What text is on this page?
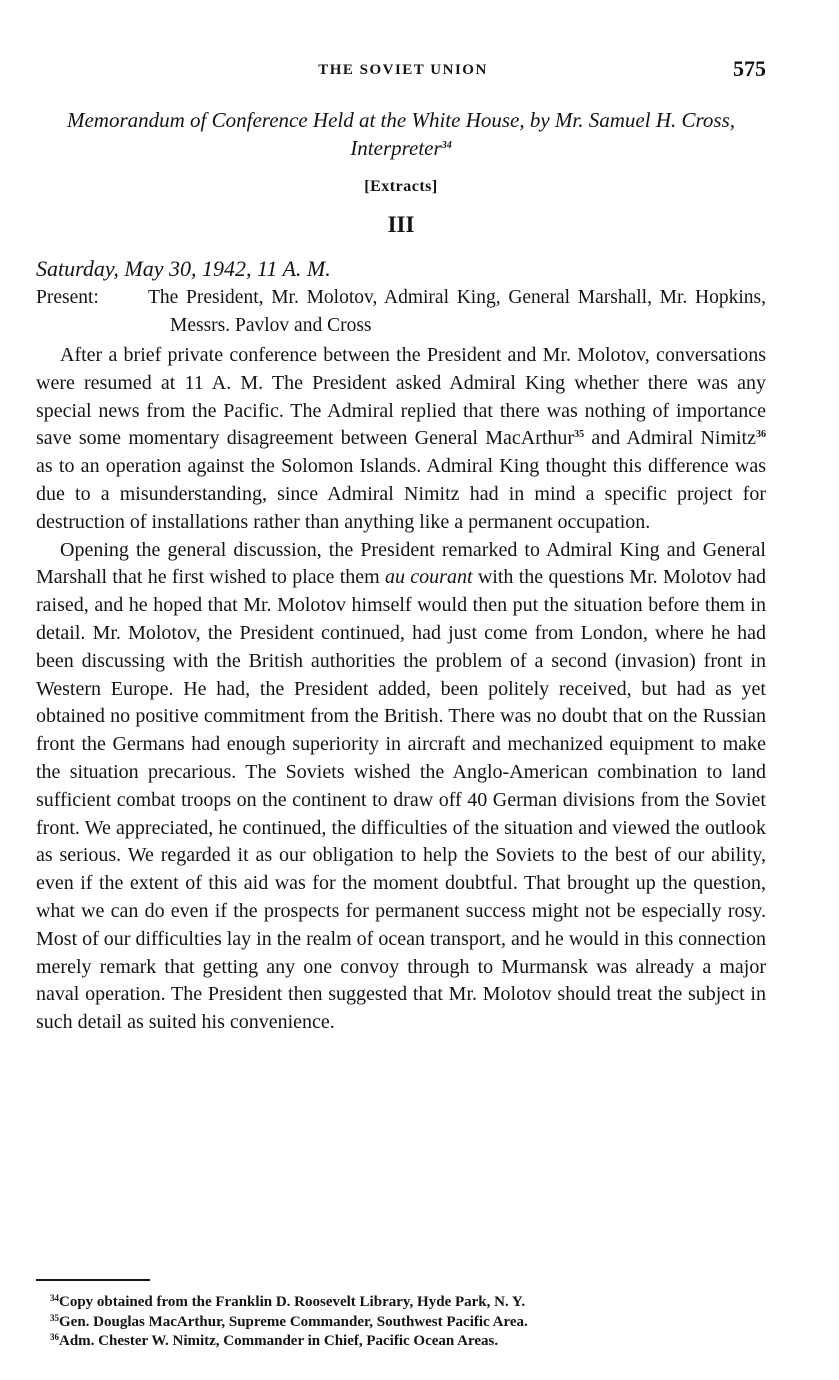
THE SOVIET UNION	575
Memorandum of Conference Held at the White House, by Mr. Samuel H. Cross, Interpreter$^{34}$
[Extracts]
III
Saturday, May 30, 1942, 11 A. M.
Present:	The President, Mr. Molotov, Admiral King, General Marshall, Mr. Hopkins, Messrs. Pavlov and Cross

After a brief private conference between the President and Mr. Molotov, conversations were resumed at 11 A. M. The President asked Admiral King whether there was any special news from the Pacific. The Admiral replied that there was nothing of importance save some momentary disagreement between General MacArthur$^{35}$ and Admiral Nimitz$^{36}$ as to an operation against the Solomon Islands. Admiral King thought this difference was due to a misunderstanding, since Admiral Nimitz had in mind a specific project for destruction of installations rather than anything like a permanent occupation.

Opening the general discussion, the President remarked to Admiral King and General Marshall that he first wished to place them au courant with the questions Mr. Molotov had raised, and he hoped that Mr. Molotov himself would then put the situation before them in detail. Mr. Molotov, the President continued, had just come from London, where he had been discussing with the British authorities the problem of a second (invasion) front in Western Europe. He had, the President added, been politely received, but had as yet obtained no positive commitment from the British. There was no doubt that on the Russian front the Germans had enough superiority in aircraft and mechanized equipment to make the situation precarious. The Soviets wished the Anglo-American combination to land sufficient combat troops on the continent to draw off 40 German divisions from the Soviet front. We appreciated, he continued, the difficulties of the situation and viewed the outlook as serious. We regarded it as our obligation to help the Soviets to the best of our ability, even if the extent of this aid was for the moment doubtful. That brought up the question, what we can do even if the prospects for permanent success might not be especially rosy. Most of our difficulties lay in the realm of ocean transport, and he would in this connection merely remark that getting any one convoy through to Murmansk was already a major naval operation. The President then suggested that Mr. Molotov should treat the subject in such detail as suited his convenience.

$^{34}$Copy obtained from the Franklin D. Roosevelt Library, Hyde Park, N. Y.
$^{35}$Gen. Douglas MacArthur, Supreme Commander, Southwest Pacific Area.
$^{36}$Adm. Chester W. Nimitz, Commander in Chief, Pacific Ocean Areas.
